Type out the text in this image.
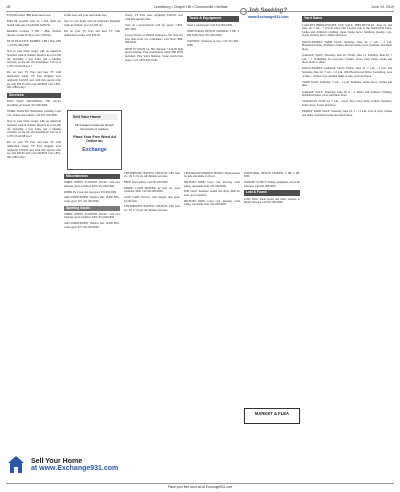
1B	Lewisburg • Chapel Hill • Cornersville • Belfast	June 19, 2019
Job Seeking?
www.Exchange931.com

$750,000 rental, 3BR house near town.

$599 PR possible sales ad, 1 bed, $220 per month with sale at $120,000, $299 FR.

Beautiful location, 3 BR / 2BA, flexible deposit, washer & dryer, rent 1,500/mo.

BLUE PEACEFUL RABBIT, 2 BR 1 BA, ABS / call 931-999-0000.

Stay in your home longer with an American Standard walk-in bathtub. Receive up to $1,500 off, including a free toilet, and a lifetime warranty on the tub and installation! Call us at 1-855-534-6198 now!

Put on your TV Ears and hear TV with unmatched clarity. TV Ears Original were originally $129.95 now with this special offer are only $59.95 with code MCB59! Call 1-855-993-3386 today!

Services

BOW WOW GROOMING: Full service grooming, all breeds, 931-000-0000.

WORK WANTED: Handyman, painting, lawn care, honest and reliable. Call 931-359-0000.

Stay in your home longer with an American Standard walk-in bathtub. Receive up to $1,500 off, including a free toilet, and a lifetime warranty on the tub and installation! Call us at 1-855-534-6198 now!

Put on your TV Ears and hear TV with unmatched clarity. TV Ears Original were originally $129.95 now with this special offer are only $59.95 with code MCB59! Call 1-855-993-3386 today!

In this area, sell your used items fast.

Stay in your home with an American Standard walk-in bathtub, up to $1,500 off.

Put on your TV Ears and hear TV with unmatched clarity, only $59.95.

clarity. TV Ears were originally $129.95 now with this special offer.

Save on a prescription! Call for quote: 1-855-993-3381.

Lowest Prices on Health Insurance. We have the best rates from top companies! Call Now! 888-690-8240.

DISH TV $59.99 for 190 channels + $14.95 high speed internet. Free installation, smart HD DVR included, Free Voice Remote. Some restrictions apply. Call 1-855-837-9146.

Tools & Equipment

Need a warehouse? Call 931-000-0000.

INDUSTRIAL BENCH SANDER, 5 HP, 3 PH, $300 firm, 931-000-0000.

WANTED: Someone to buy. Call 931-000-0000.

Sell Your Home
MLS-based resale ad. Reach thousands of readers.
Place Your Free Word Ad Online at:
Exchange
Miscellaneous

THREE WHEEL SCOOTER: Electric, with new batteries, good condition. $350, 931-000-0000.

RIDER 28, 4 year old, runs good. 931-000-0000.

AIR CONDITIONER: Window unit, 10,000 BTU, works great, $75. 931-000-0000.

Sporting Goods

THREE WHEEL SCOOTER: Electric, with new batteries, good condition. $350, 931-000-0000.

AIR CONDITIONER: Window unit, 10,000 BTU, works great, $75. 931-000-0000.

CENTERPOINT BAPTIST CHURCH: VBS June 24 - 28, 6 - 8 p.m. All children welcome.

FREE: Wood pallets. Call 931-000-0000.

RIDING LAWN MOWER: 42 inch cut, good condition, $450. Call 931-000-0000.

GOLF CART: Electric, with charger, runs great, $1,500 firm.

CENTERPOINT BAPTIST CHURCH: VBS June 24 - 28, 6 - 8 p.m. All children welcome.

CROSSROADS PARKER TENNIS: Tennis lessons for kids and adults. Call now.

MICHAEL KIRK: Lawn care, mowing, weed eating, reasonable rates. 931-000-0000.

FOR SALE: Kenmore washer and dryer, $200 for both, good condition.

MICHAEL KIRK: Lawn care, mowing, weed eating, reasonable rates. 931-000-0000.

INDUSTRIAL BENCH SANDER: 5 HP, 3 PH, $300.

WANTED TO BUY: Fishing equipment, old tackle and lures. Call 931-000-0000.

Lost & Found

LOST DOG: Small brown and white, answers to Buddy. Reward. Call 931-000-0000.

MARKET & FLEA
Yard Sales

LARGEST BRIDGESTONE TAX SALE, SHELBYVILLE, June 21 and June 22, 7 am - ? (2-fold sale). Our favorite sale at the Shelbyville Expo, Ladies and children's clothing, shoes, home decor, furniture, jewelry, toys, books, holiday decor, dishes and more.

MULTI-FAMILY YARD SALE: Saturday, June 22, 7 a.m. - 1 p.m. Household items, children's clothes, kitchen items, tools, furniture and much more.

GARAGE SALE: Thursday, June 20, Friday, June 21, Saturday, June 22, 7 a.m. - ?. Something for everyone. Clothes, shoes, baby items, books and more. Rain or shine.

MULTI-FAMILY GARAGE SALE: Friday, June 21, 7 a.m. - 3 p.m. and Saturday, June 22, 7 a.m. - 12 p.m. 1004 Beechwood Drive, Lewisburg. Lots of misc., clothes, toys, kitchen items, books, tools and more.

YARD SALE: Saturday, 7 a.m. - 1 p.m. Furniture, home decor, clothes and misc.

GARAGE SALE: Thursday, June 20, 8 - 2. Men's and women's clothing, household items, tools and much more.

SATURDAY, JUNE 22, 7 a.m. - noon. Toys, baby items, clothes, furniture, home decor, books and more.

FAMILY YARD SALE: Saturday, June 22, 7 - 11 a.m. Lots of baby clothes and items, household items and much more.

Sell Your Home
at www.Exchange931.com
Place your free word ad at Exchange931.com
